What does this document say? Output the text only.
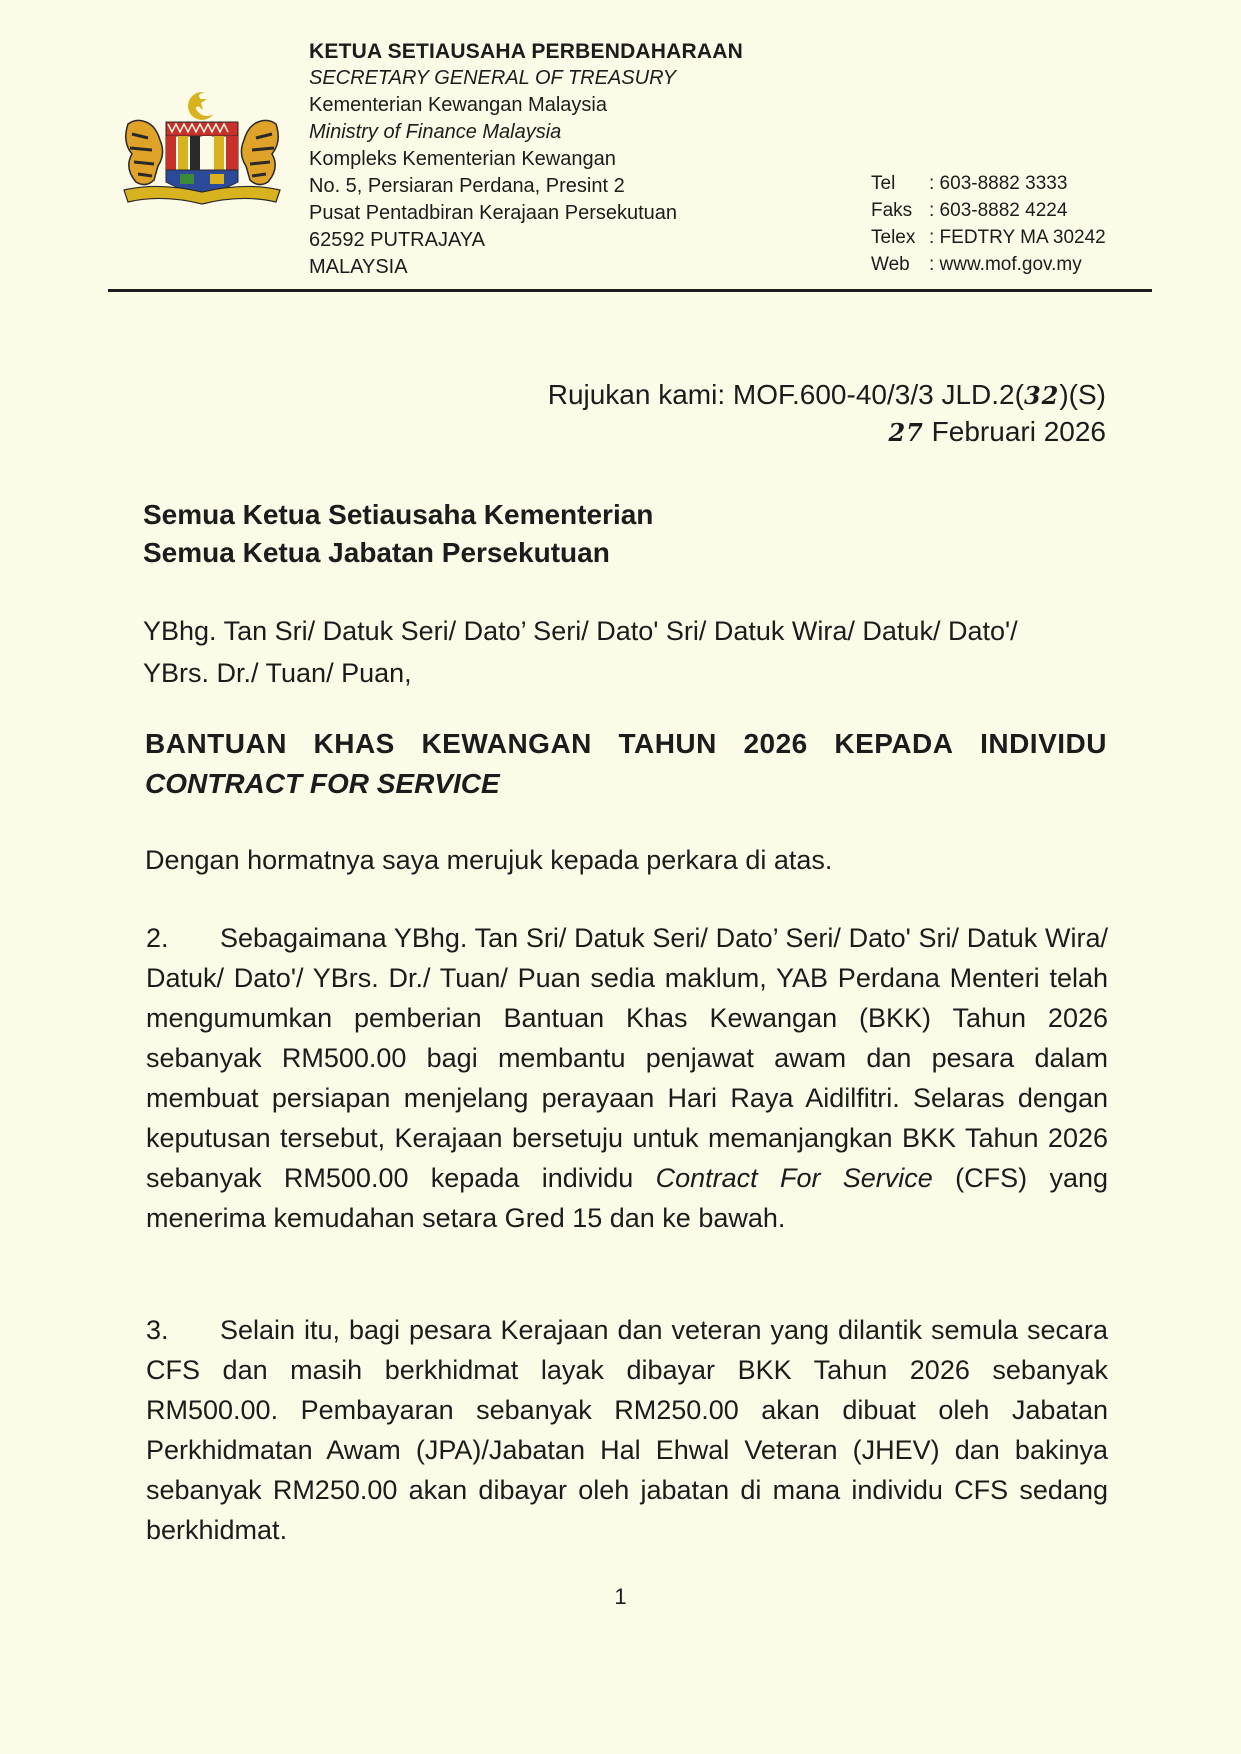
KETUA SETIAUSAHA PERBENDAHARAAN
SECRETARY GENERAL OF TREASURY
Kementerian Kewangan Malaysia
Ministry of Finance Malaysia
Kompleks Kementerian Kewangan
No. 5, Persiaran Perdana, Presint 2
Pusat Pentadbiran Kerajaan Persekutuan
62592 PUTRAJAYA
MALAYSIA
Tel	: 603-8882 3333
Faks : 603-8882 4224
Telex : FEDTRY MA 30242
Web	: www.mof.gov.my
Rujukan kami: MOF.600-40/3/3 JLD.2(32)(S)
27 Februari 2026
Semua Ketua Setiausaha Kementerian
Semua Ketua Jabatan Persekutuan
YBhg. Tan Sri/ Datuk Seri/ Dato’ Seri/ Dato' Sri/ Datuk Wira/ Datuk/ Dato'/
YBrs. Dr./ Tuan/ Puan,
BANTUAN KHAS KEWANGAN TAHUN 2026 KEPADA INDIVIDU
CONTRACT FOR SERVICE
Dengan hormatnya saya merujuk kepada perkara di atas.
2. Sebagaimana YBhg. Tan Sri/ Datuk Seri/ Dato’ Seri/ Dato' Sri/ Datuk Wira/ Datuk/ Dato'/ YBrs. Dr./ Tuan/ Puan sedia maklum, YAB Perdana Menteri telah mengumumkan pemberian Bantuan Khas Kewangan (BKK) Tahun 2026 sebanyak RM500.00 bagi membantu penjawat awam dan pesara dalam membuat persiapan menjelang perayaan Hari Raya Aidilfitri. Selaras dengan keputusan tersebut, Kerajaan bersetuju untuk memanjangkan BKK Tahun 2026 sebanyak RM500.00 kepada individu Contract For Service (CFS) yang menerima kemudahan setara Gred 15 dan ke bawah.
3. Selain itu, bagi pesara Kerajaan dan veteran yang dilantik semula secara CFS dan masih berkhidmat layak dibayar BKK Tahun 2026 sebanyak RM500.00. Pembayaran sebanyak RM250.00 akan dibuat oleh Jabatan Perkhidmatan Awam (JPA)/Jabatan Hal Ehwal Veteran (JHEV) dan bakinya sebanyak RM250.00 akan dibayar oleh jabatan di mana individu CFS sedang berkhidmat.
1
